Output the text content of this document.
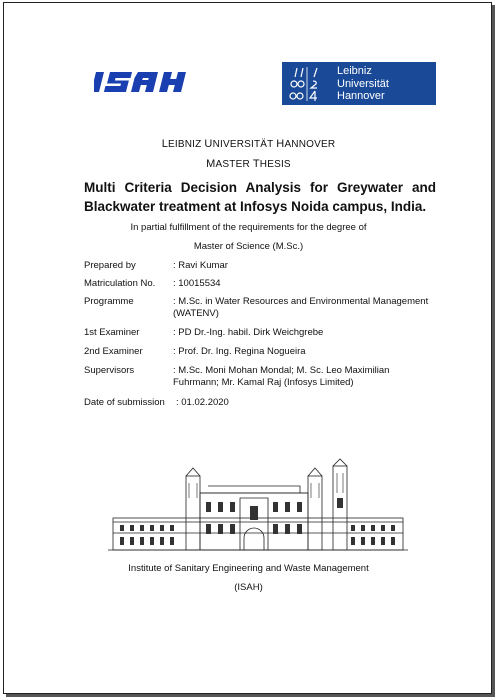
Leibniz
Universität
Hannover
LEIBNIZ UNIVERSITÄT HANNOVER
MASTER THESIS
Multi Criteria Decision Analysis for Greywater and Blackwater treatment at Infosys Noida campus, India.
In partial fulfillment of the requirements for the degree of
Master of Science (M.Sc.)
Prepared by	: Ravi Kumar
Matriculation No.	: 10015534
Programme	: M.Sc. in Water Resources and Environmental Management (WATENV)
1st Examiner	: PD Dr.-Ing. habil. Dirk Weichgrebe
2nd Examiner	: Prof. Dr. Ing. Regina Nogueira
Supervisors	: M.Sc. Moni Mohan Mondal; M. Sc. Leo Maximilian Fuhrmann; Mr. Kamal Raj (Infosys Limited)
Date of submission	: 01.02.2020
Institute of Sanitary Engineering and Waste Management
(ISAH)
